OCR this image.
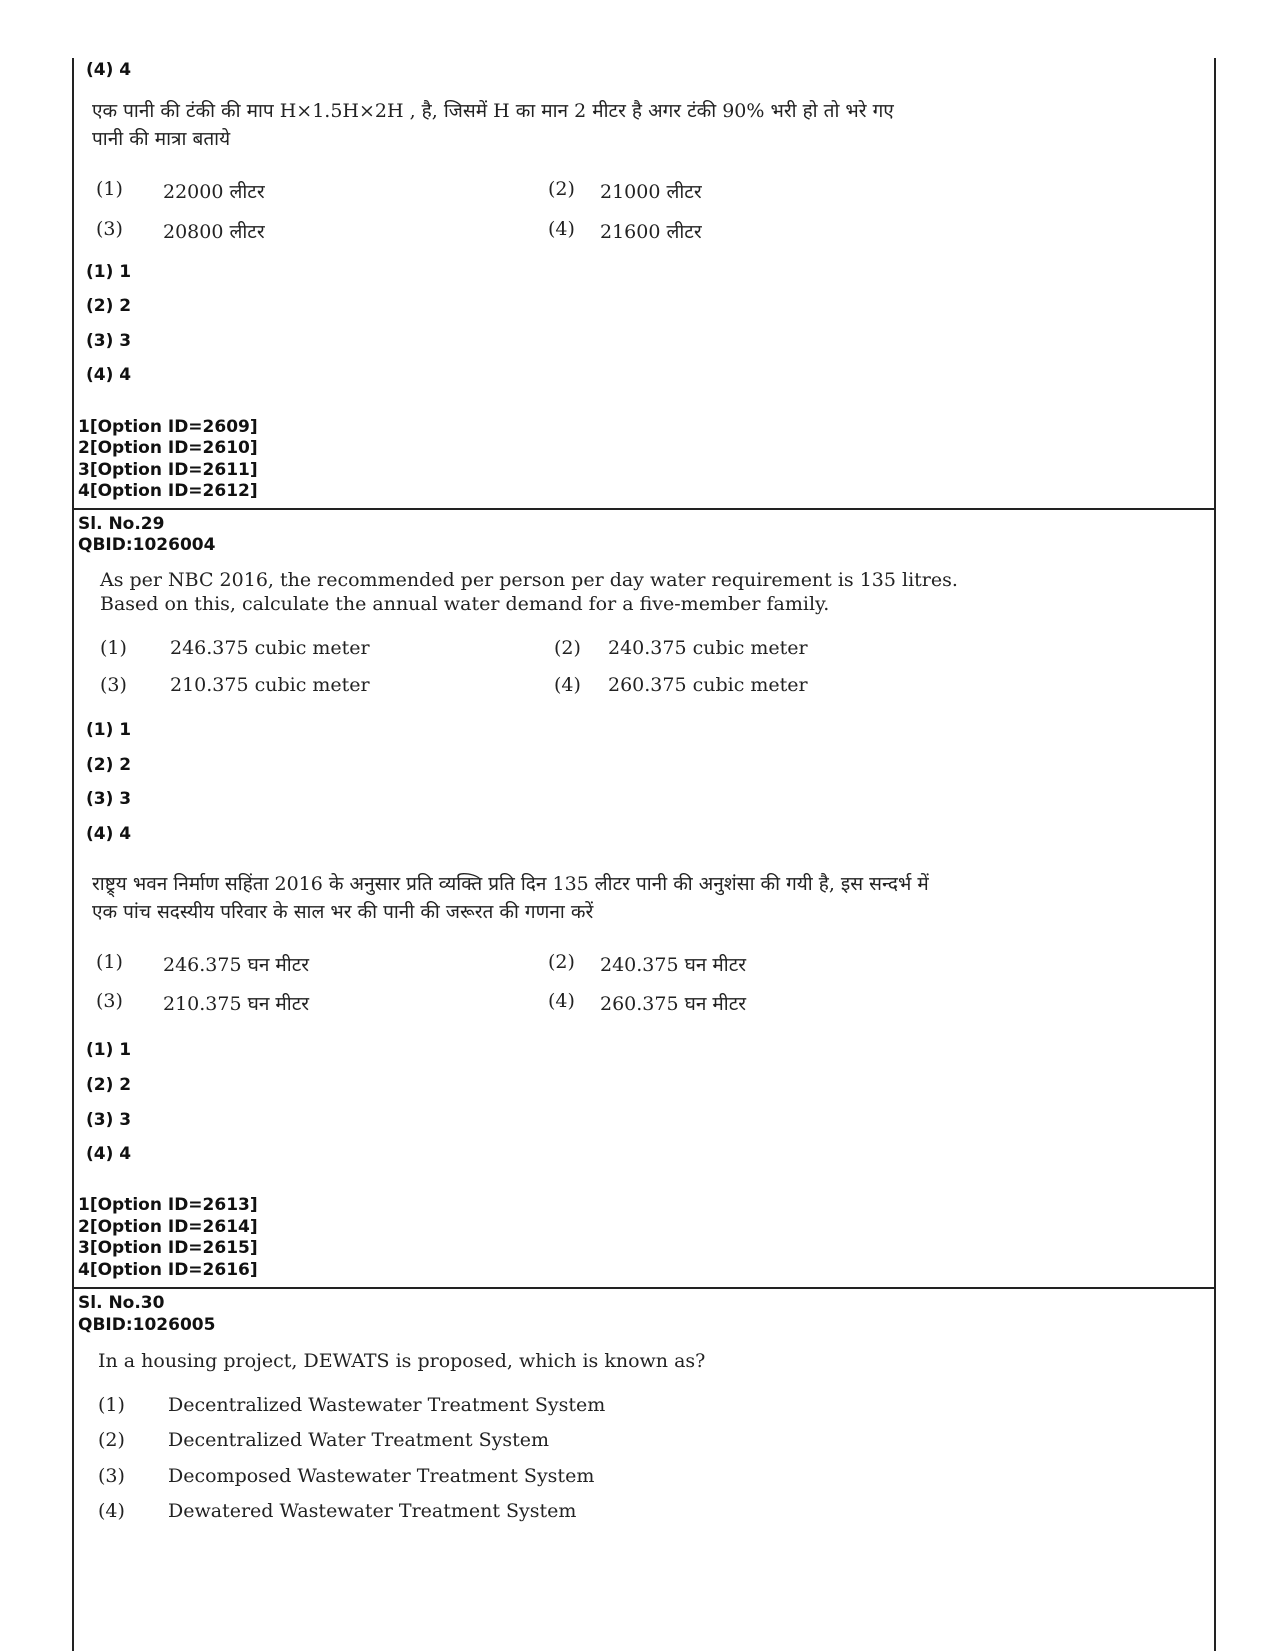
(4) 4
एक पानी की टंकी की माप H×1.5H×2H , है, जिसमें H का मान 2 मीटर है अगर टंकी 90% भरी हो तो भरे गए
पानी की मात्रा बताये
(1) 22000 लीटर	(2) 21000 लीटर
(3) 20800 लीटर	(4) 21600 लीटर
(1) 1
(2) 2
(3) 3
(4) 4
1[Option ID=2609]
2[Option ID=2610]
3[Option ID=2611]
4[Option ID=2612]
Sl. No.29
QBID:1026004
As per NBC 2016, the recommended per person per day water requirement is 135 litres.
Based on this, calculate the annual water demand for a five-member family.
(1) 246.375 cubic meter	(2) 240.375 cubic meter
(3) 210.375 cubic meter	(4) 260.375 cubic meter
(1) 1
(2) 2
(3) 3
(4) 4
राष्ट्र्य भवन निर्माण सहिंता 2016 के अनुसार प्रति व्यक्ति प्रति दिन 135 लीटर पानी की अनुशंसा की गयी है, इस सन्दर्भ में
एक पांच सदस्यीय परिवार के साल भर की पानी की जरूरत की गणना करें
(1) 246.375 घन मीटर	(2) 240.375 घन मीटर
(3) 210.375 घन मीटर	(4) 260.375 घन मीटर
(1) 1
(2) 2
(3) 3
(4) 4
1[Option ID=2613]
2[Option ID=2614]
3[Option ID=2615]
4[Option ID=2616]
Sl. No.30
QBID:1026005
In a housing project, DEWATS is proposed, which is known as?
(1) Decentralized Wastewater Treatment System
(2) Decentralized Water Treatment System
(3) Decomposed Wastewater Treatment System
(4) Dewatered Wastewater Treatment System
